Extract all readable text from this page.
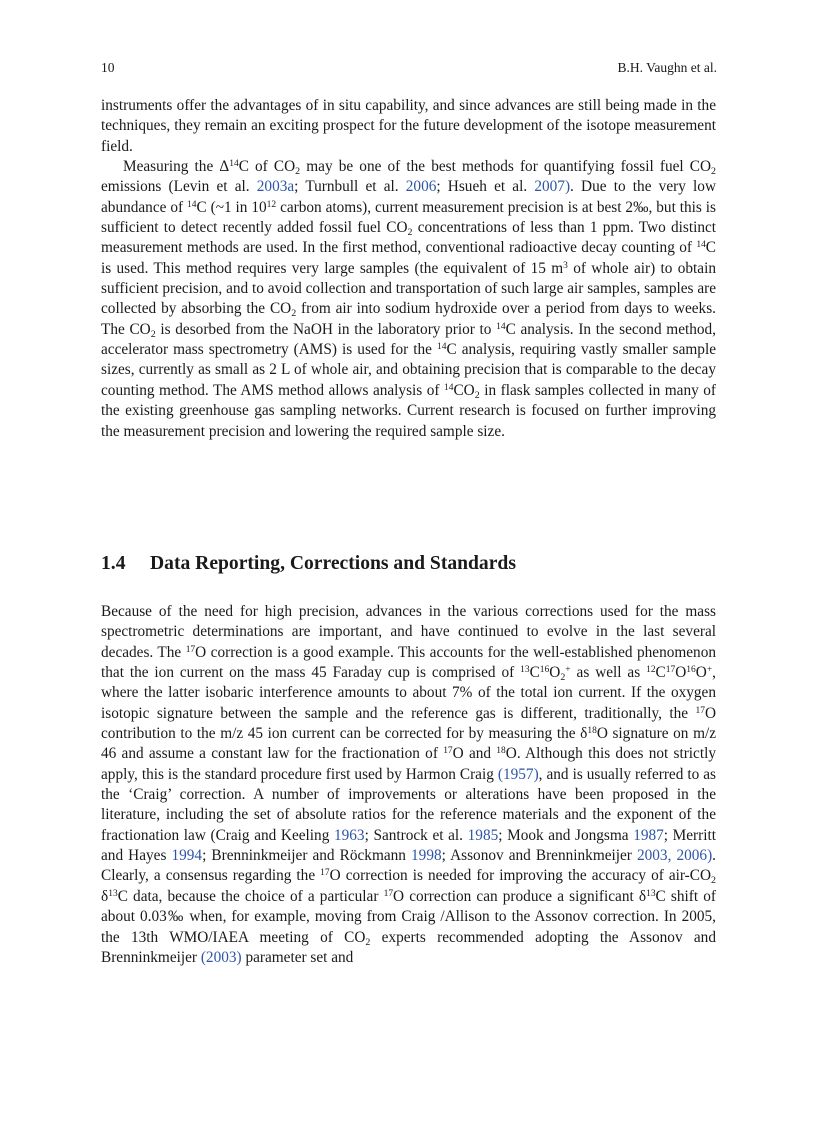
10	B.H. Vaughn et al.

instruments offer the advantages of in situ capability, and since advances are still being made in the techniques, they remain an exciting prospect for the future development of the isotope measurement field.

Measuring the $\Delta^{14}C$ of $CO_2$ may be one of the best methods for quantifying fossil fuel $CO_2$ emissions (Levin et al. 2003a; Turnbull et al. 2006; Hsueh et al. 2007). Due to the very low abundance of $^{14}$C (~1 in $10^{12}$ carbon atoms), current measurement precision is at best 2‰, but this is sufficient to detect recently added fossil fuel $CO_2$ concentrations of less than 1 ppm. Two distinct measurement methods are used. In the first method, conventional radioactive decay counting of $^{14}$C is used. This method requires very large samples (the equivalent of 15 $m^3$ of whole air) to obtain sufficient precision, and to avoid collection and transportation of such large air samples, samples are collected by absorbing the $CO_2$ from air into sodium hydroxide over a period from days to weeks. The $CO_2$ is desorbed from the NaOH in the laboratory prior to $^{14}$C analysis. In the second method, accelerator mass spectrometry (AMS) is used for the $^{14}$C analysis, requiring vastly smaller sample sizes, currently as small as 2 L of whole air, and obtaining precision that is comparable to the decay counting method. The AMS method allows analysis of $^{14}CO_2$ in flask samples collected in many of the existing greenhouse gas sampling networks. Current research is focused on further improving the measurement precision and lowering the required sample size.

1.4 Data Reporting, Corrections and Standards

Because of the need for high precision, advances in the various corrections used for the mass spectrometric determinations are important, and have continued to evolve in the last several decades. The $^{17}$O correction is a good example. This accounts for the well-established phenomenon that the ion current on the mass 45 Faraday cup is comprised of $^{13}C^{16}O_2^+$ as well as $^{12}C^{17}O^{16}O^+$, where the latter isobaric interference amounts to about 7% of the total ion current. If the oxygen isotopic signature between the sample and the reference gas is different, traditionally, the $^{17}$O contribution to the m/z 45 ion current can be corrected for by measuring the $\delta^{18}O$ signature on m/z 46 and assume a constant law for the fractionation of $^{17}$O and $^{18}$O. Although this does not strictly apply, this is the standard procedure first used by Harmon Craig (1957), and is usually referred to as the ‘Craig’ correction. A number of improvements or alterations have been proposed in the literature, including the set of absolute ratios for the reference materials and the exponent of the fractionation law (Craig and Keeling 1963; Santrock et al. 1985; Mook and Jongsma 1987; Merritt and Hayes 1994; Brenninkmeijer and Röckmann 1998; Assonov and Brenninkmeijer 2003, 2006). Clearly, a consensus regarding the $^{17}$O correction is needed for improving the accuracy of air-$CO_2$ $\delta^{13}C$ data, because the choice of a particular $^{17}$O correction can produce a significant $\delta^{13}C$ shift of about 0.03‰ when, for example, moving from Craig /Allison to the Assonov correction. In 2005, the 13th WMO/IAEA meeting of $CO_2$ experts recommended adopting the Assonov and Brenninkmeijer (2003) parameter set and
